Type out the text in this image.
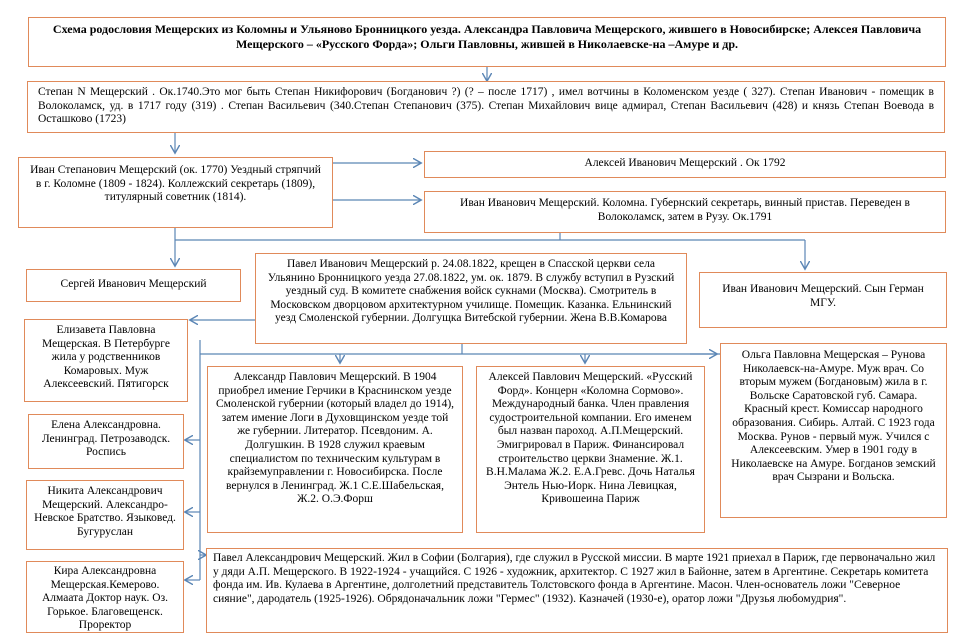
Схема родословия Мещерских из Коломны и Ульяново Бронницкого уезда. Александра Павловича Мещерского, жившего в Новосибирске; Алексея Павловича Мещерского – «Русского Форда»; Ольги Павловны, жившей в Николаевске-на –Амуре и др.

Степан N Мещерский . Ок.1740.Это мог быть Степан Никифорович (Богданович ?) (? – после 1717) , имел вотчины в Коломенском уезде ( 327). Степан Иванович - помещик в Волоколамск, уд. в 1717 году (319) . Степан Васильевич (340.Степан Степанович (375). Степан Михайлович вице адмирал, Степан Васильевич (428) и князь Степан Воевода в Осташково (1723)

Иван Степанович Мещерский (ок. 1770) Уездный стряпчий в г. Коломне (1809 - 1824). Коллежский секретарь (1809), титулярный советник (1814).

Алексей Иванович Мещерский . Ок 1792

Иван Иванович Мещерский. Коломна. Губернский секретарь, винный пристав. Переведен в Волоколамск, затем в Рузу. Ок.1791

Сергей Иванович Мещерский

Павел Иванович Мещерский р. 24.08.1822, крещен в Спасской церкви села Ульянино Бронницкого уезда 27.08.1822, ум. ок. 1879. В службу вступил в Рузский уездный суд. В комитете снабжения войск сукнами (Москва). Смотритель в Московском дворцовом архитектурном училище. Помещик. Казанка. Ельнинский уезд Смоленской губернии. Долгущка Витебской губернии. Жена В.В.Комарова

Иван Иванович Мещерский. Сын Герман МГУ.

Елизавета Павловна Мещерская. В Петербурге жила у родственников Комаровых. Муж Алексеевский. Пятигорск

Александр Павлович Мещерский. В 1904 приобрел имение Герчики в Краснинском уезде Смоленской губернии (который владел до 1914), затем имение Логи в Духовщинском уезде той же губернии. Литератор. Псевдоним. А. Долгушкин. В 1928 служил краевым специалистом по техническим культурам в крайземуправлении г. Новосибирска. После вернулся в Ленинград. Ж.1 С.Е.Шабельская, Ж.2. О.Э.Форш

Алексей Павлович Мещерский. «Русский Форд». Концерн «Коломна Сормово». Международный банка. Член правления судостроительной компании. Его именем был назван пароход. А.П.Мещерский. Эмигрировал в Париж. Финансировал строительство церкви Знамение. Ж.1. В.Н.Малама Ж.2. Е.А.Гревс. Дочь Наталья Энтель Нью-Иорк. Нина Левицкая, Кривошеина Париж

Ольга Павловна Мещерская – Рунова Николаевск-на-Амуре. Муж врач. Со вторым мужем (Богдановым) жила в г. Вольске Саратовской губ. Самара. Красный крест. Комиссар народного образования. Сибирь. Алтай. С 1923 года Москва. Рунов - первый муж. Учился с Алексеевским. Умер в 1901 году в Николаевске на Амуре. Богданов земский врач Сызрани и Вольска.

Елена Александровна. Ленинград. Петрозаводск. Роспись

Никита Александрович Мещерский. Александро-Невское Братство. Языковед. Бугуруслан

Кира Александровна Мещерская.Кемерово. Алмаата Доктор наук. Оз. Горькое. Благовещенск. Проректор

Павел Александрович Мещерский. Жил в Софии (Болгария), где служил в Русской миссии. В марте 1921 приехал в Париж, где первоначально жил у дяди А.П. Мещерского. В 1922-1924 - учащийся. С 1926 - художник, архитектор. С 1927 жил в Байонне, затем в Аргентине. Секретарь комитета фонда им. Ив. Кулаева в Аргентине, долголетний представитель Толстовского фонда в Аргентине. Масон. Член-основатель ложи "Северное сияние", дародатель (1925-1926). Обрядоначальник ложи "Гермес" (1932). Казначей (1930-е), оратор ложи "Друзья любомудрия".
